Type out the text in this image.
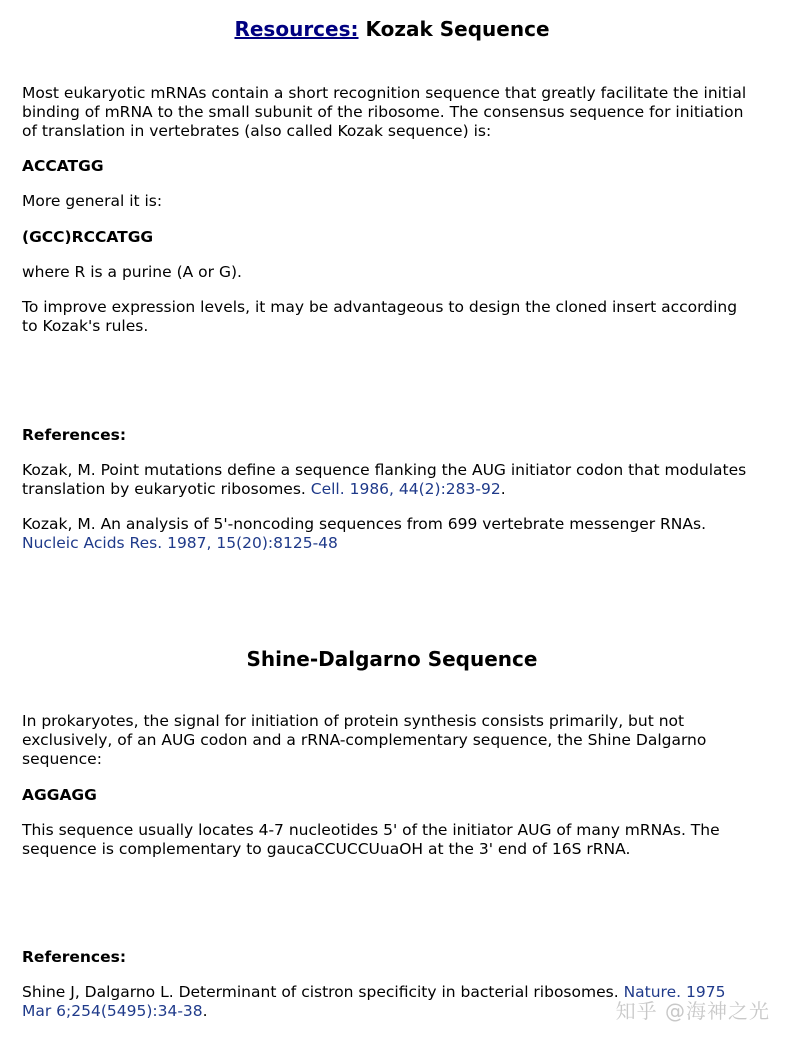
Resources: Kozak Sequence

Most eukaryotic mRNAs contain a short recognition sequence that greatly facilitate the initial binding of mRNA to the small subunit of the ribosome. The consensus sequence for initiation of translation in vertebrates (also called Kozak sequence) is:

ACCATGG

More general it is:

(GCC)RCCATGG

where R is a purine (A or G).

To improve expression levels, it may be advantageous to design the cloned insert according to Kozak's rules.

References:

Kozak, M. Point mutations define a sequence flanking the AUG initiator codon that modulates translation by eukaryotic ribosomes. Cell. 1986, 44(2):283-92.

Kozak, M. An analysis of 5'-noncoding sequences from 699 vertebrate messenger RNAs. Nucleic Acids Res. 1987, 15(20):8125-48

Shine-Dalgarno Sequence

In prokaryotes, the signal for initiation of protein synthesis consists primarily, but not exclusively, of an AUG codon and a rRNA-complementary sequence, the Shine Dalgarno sequence:

AGGAGG

This sequence usually locates 4-7 nucleotides 5' of the initiator AUG of many mRNAs. The sequence is complementary to gaucaCCUCCUuaOH at the 3' end of 16S rRNA.

References:

Shine J, Dalgarno L. Determinant of cistron specificity in bacterial ribosomes. Nature. 1975 Mar 6;254(5495):34-38.	知乎 @海神之光
